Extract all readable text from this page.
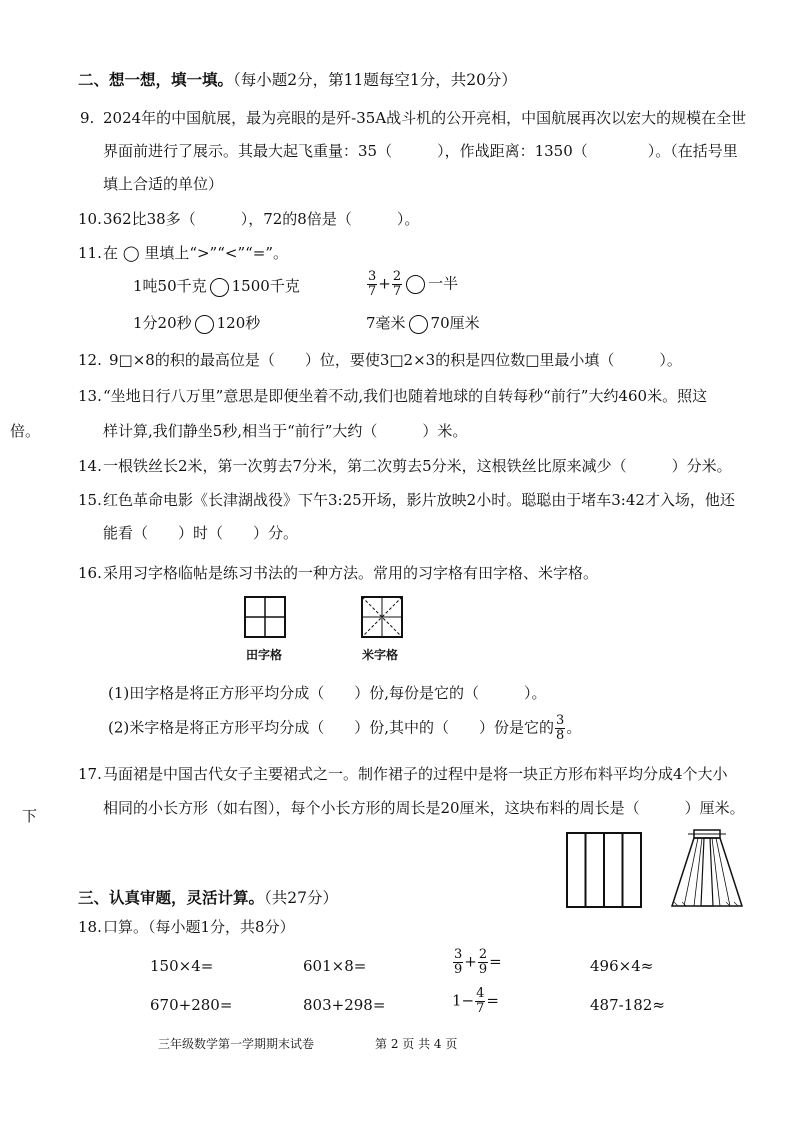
二、想一想，填一填。（每小题2分，第11题每空1分，共20分）
9. 2024年的中国航展，最为亮眼的是歼-35A战斗机的公开亮相，中国航展再次以宏大的规模在全世
界面前进行了展示。其最大起飞重量：35（　　　），作战距离：1350（　　　　）。（在括号里
填上合适的单位）
10. 362比38多（　　　），72的8倍是（　　　）。
11. 在 ◯ 里填上“>”“<”“=”。
1吨50千克 1500千克	$\frac{3}{7} + \frac{2}{7}$ 一半
1分20秒 120秒	7毫米 70厘米
12. 9□×8的积的最高位是（　　）位，要使3□2×3的积是四位数□里最小填（　　　）。
13. “坐地日行八万里”意思是即便坐着不动,我们也随着地球的自转每秒“前行”大约460米。照这
样计算,我们静坐5秒,相当于“前行”大约（　　　）米。
倍。
14. 一根铁丝长2米，第一次剪去7分米，第二次剪去5分米，这根铁丝比原来减少（　　　）分米。
15. 红色革命电影《长津湖战役》下午3:25开场，影片放映2小时。聪聪由于堵车3:42才入场，他还
能看（　　）时（　　）分。
16. 采用习字格临帖是练习书法的一种方法。常用的习字格有田字格、米字格。
田字格	米字格
(1)田字格是将正方形平均分成（　　）份,每份是它的（　　　）。
(2)米字格是将正方形平均分成（　　）份,其中的（　　）份是它的 $\frac{3}{8}$ 。
17. 马面裙是中国古代女子主要裙式之一。制作裙子的过程中是将一块正方形布料平均分成4个大小
相同的小长方形（如右图），每个小长方形的周长是20厘米，这块布料的周长是（　　　）厘米。
下
三、认真审题，灵活计算。（共27分）
18. 口算。（每小题1分，共8分）
150×4=	601×8=	$\frac{3}{9} + \frac{2}{9}$ =	496×4≈
670+280=	803+298=	$1- \frac{4}{7}$ =	487-182≈
三年级数学第一学期期末试卷	第 2 页 共 4 页
